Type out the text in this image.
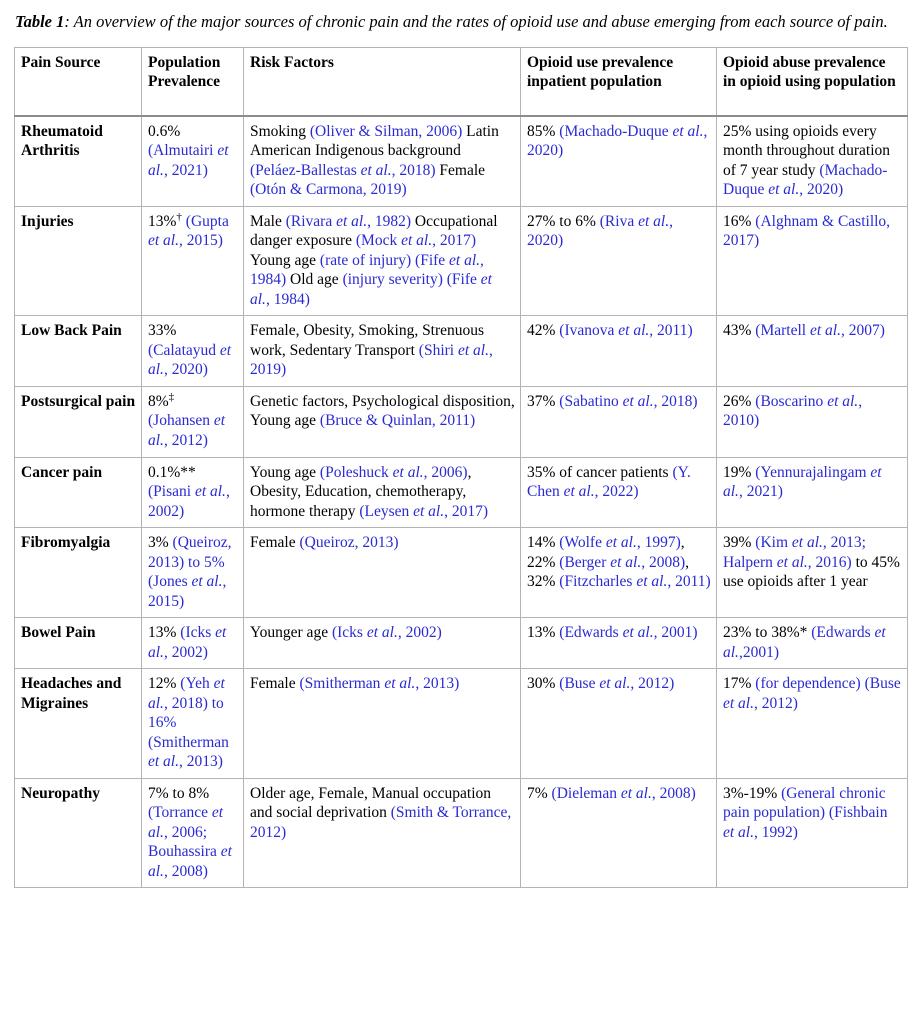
Table 1: An overview of the major sources of chronic pain and the rates of opioid use and abuse emerging from each source of pain.
Pain Source	Population Prevalence	Risk Factors	Opioid use prevalence inpatient population	Opioid abuse prevalence in opioid using population
Rheumatoid Arthritis	0.6% (Almutairi et al., 2021)	Smoking (Oliver & Silman, 2006) Latin American Indigenous background (Peláez-Ballestas et al., 2018) Female (Otón & Carmona, 2019)	85% (Machado-Duque et al., 2020)	25% using opioids every month throughout duration of 7 year study (Machado-Duque et al., 2020)
Injuries	13%† (Gupta et al., 2015)	Male (Rivara et al., 1982) Occupational danger exposure (Mock et al., 2017) Young age (rate of injury) (Fife et al., 1984) Old age (injury severity) (Fife et al., 1984)	27% to 6% (Riva et al., 2020)	16% (Alghnam & Castillo, 2017)
Low Back Pain	33% (Calatayud et al., 2020)	Female, Obesity, Smoking, Strenuous work, Sedentary Transport (Shiri et al., 2019)	42% (Ivanova et al., 2011)	43% (Martell et al., 2007)
Postsurgical pain	8%‡ (Johansen et al., 2012)	Genetic factors, Psychological disposition, Young age (Bruce & Quinlan, 2011)	37% (Sabatino et al., 2018)	26% (Boscarino et al., 2010)
Cancer pain	0.1%** (Pisani et al., 2002)	Young age (Poleshuck et al., 2006), Obesity, Education, chemotherapy, hormone therapy (Leysen et al., 2017)	35% of cancer patients (Y. Chen et al., 2022)	19% (Yennurajalingam et al., 2021)
Fibromyalgia	3% (Queiroz, 2013) to 5% (Jones et al., 2015)	Female (Queiroz, 2013)	14% (Wolfe et al., 1997), 22% (Berger et al., 2008), 32% (Fitzcharles et al., 2011)	39% (Kim et al., 2013; Halpern et al., 2016) to 45% use opioids after 1 year
Bowel Pain	13% (Icks et al., 2002)	Younger age (Icks et al., 2002)	13% (Edwards et al., 2001)	23% to 38%* (Edwards et al.,2001)
Headaches and Migraines	12% (Yeh et al., 2018) to 16% (Smitherman et al., 2013)	Female (Smitherman et al., 2013)	30% (Buse et al., 2012)	17% (for dependence) (Buse et al., 2012)
Neuropathy	7% to 8% (Torrance et al., 2006; Bouhassira et al., 2008)	Older age, Female, Manual occupation and social deprivation (Smith & Torrance, 2012)	7% (Dieleman et al., 2008)	3%-19% (General chronic pain population) (Fishbain et al., 1992)
